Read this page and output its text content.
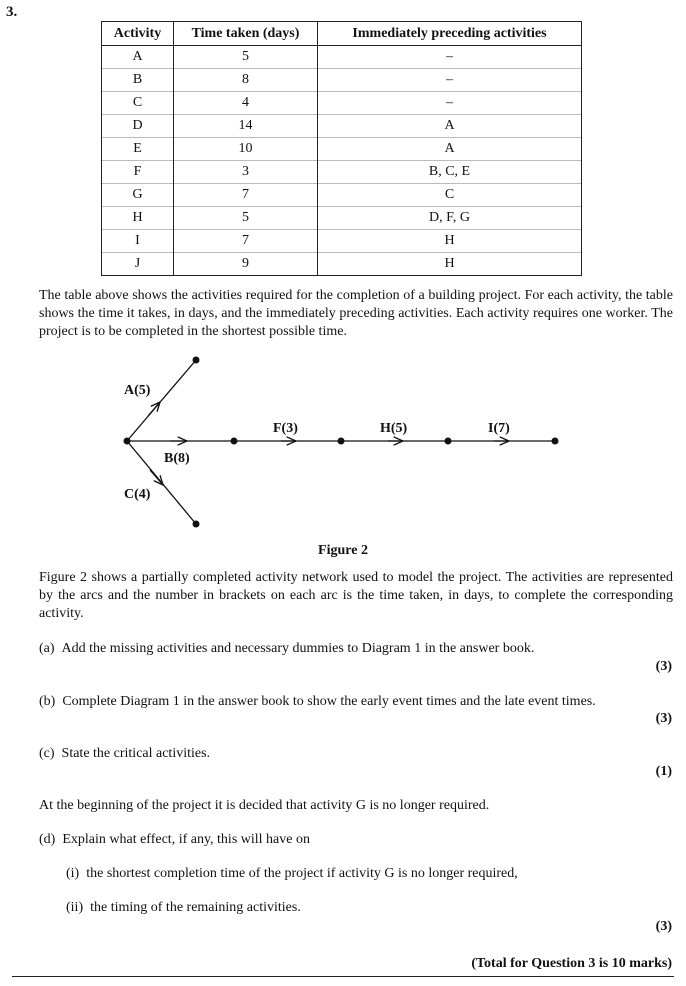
3.
Activity	Time taken (days)	Immediately preceding activities
A	5	–
B	8	–
C	4	–
D	14	A
E	10	A
F	3	B, C, E
G	7	C
H	5	D, F, G
I	7	H
J	9	H
The table above shows the activities required for the completion of a building project. For each activity, the table shows the time it takes, in days, and the immediately preceding activities. Each activity requires one worker. The project is to be completed in the shortest possible time.
A(5)
B(8)
C(4)
F(3)	H(5)	I(7)
Figure 2
Figure 2 shows a partially completed activity network used to model the project. The activities are represented by the arcs and the number in brackets on each arc is the time taken, in days, to complete the corresponding activity.
(a) Add the missing activities and necessary dummies to Diagram 1 in the answer book.
(3)
(b) Complete Diagram 1 in the answer book to show the early event times and the late event times.
(3)
(c) State the critical activities.
(1)
At the beginning of the project it is decided that activity G is no longer required.
(d) Explain what effect, if any, this will have on
(i) the shortest completion time of the project if activity G is no longer required,
(ii) the timing of the remaining activities.
(3)
(Total for Question 3 is 10 marks)
